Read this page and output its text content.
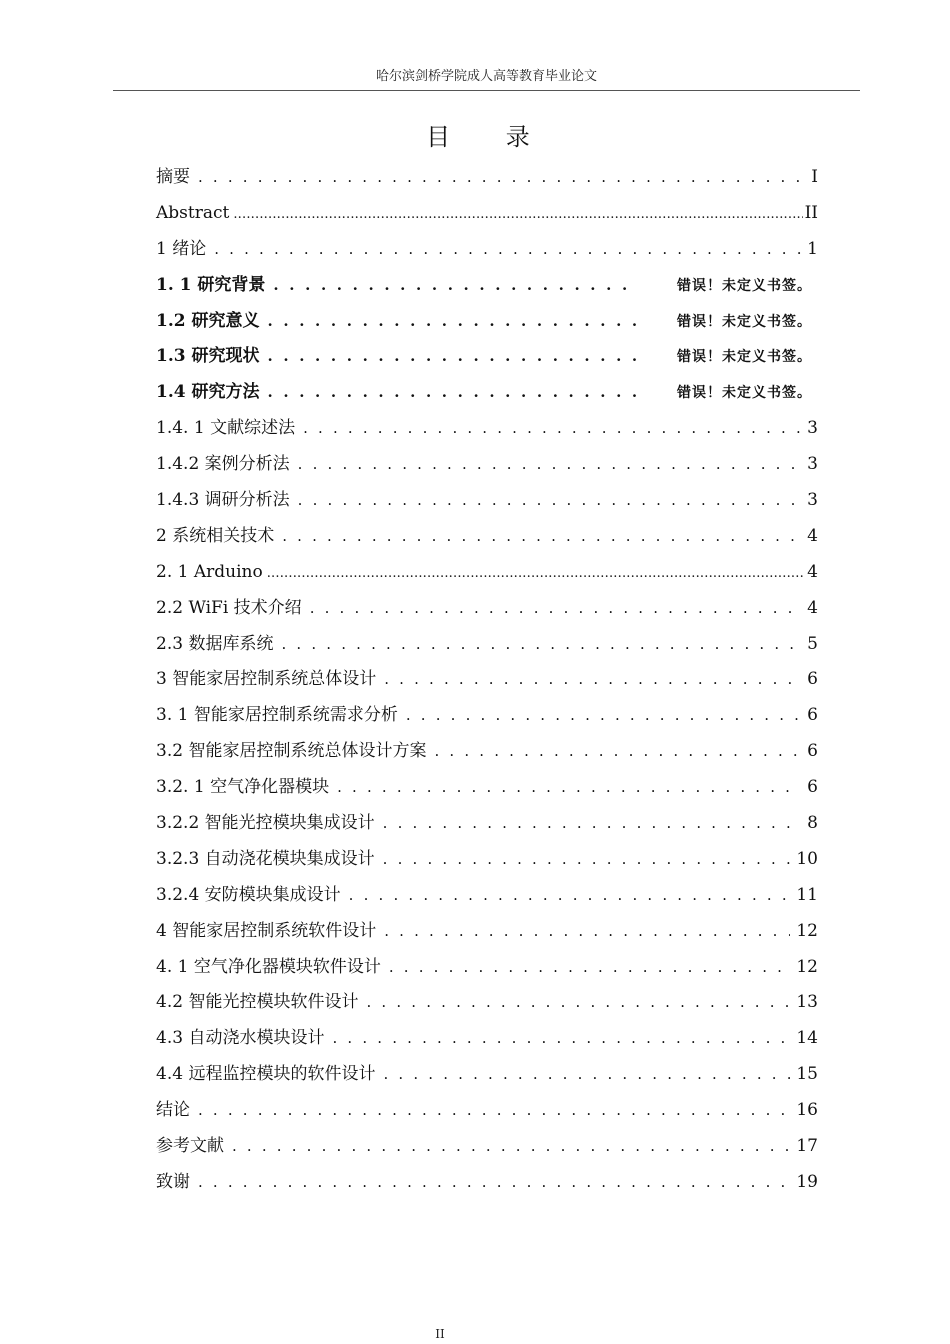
哈尔滨剑桥学院成人高等教育毕业论文
目 录
摘要 . . .	I
Abstract .....	II
1 绪论 . . .	1
1. 1 研究背景 . . .	错误！未定义书签。
1.2 研究意义 . . .	错误！未定义书签。
1.3 研究现状 . . .	错误！未定义书签。
1.4 研究方法 . . .	错误！未定义书签。
1.4. 1 文献综述法 . . .	3
1.4.2 案例分析法 . . .	3
1.4.3 调研分析法 . . .	3
2 系统相关技术 . . .	4
2. 1 Arduino .....	4
2.2 WiFi 技术介绍 . . .	4
2.3 数据库系统 . . .	5
3 智能家居控制系统总体设计 . . .	6
3. 1 智能家居控制系统需求分析 . . .	6
3.2 智能家居控制系统总体设计方案 . . .	6
3.2. 1 空气净化器模块 . . .	6
3.2.2 智能光控模块集成设计 . . .	8
3.2.3 自动浇花模块集成设计 . . .	10
3.2.4 安防模块集成设计 . . .	11
4 智能家居控制系统软件设计 . . .	12
4. 1 空气净化器模块软件设计 . . .	12
4.2 智能光控模块软件设计 . . .	13
4.3 自动浇水模块设计 . . .	14
4.4 远程监控模块的软件设计 . . .	15
结论 . . .	16
参考文献 . . .	17
致谢 . . .	19
II
